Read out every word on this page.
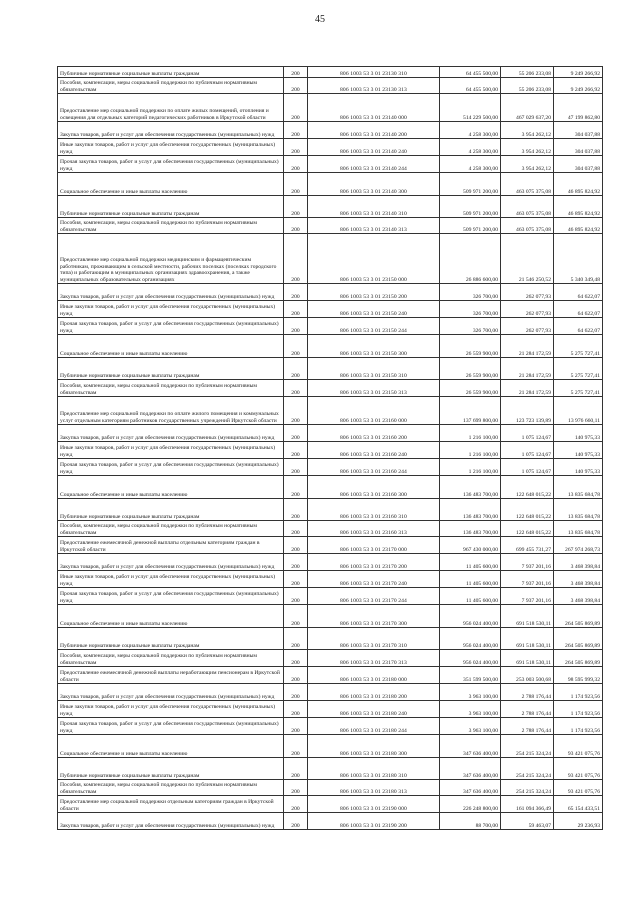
45
Публичные нормативные социальные выплаты гражданам	200	806 1003 53 3 01 23130 310	64 455 500,00	55 206 233,08	9 249 266,92
Пособия, компенсации, меры социальной поддержки по публичным нормативным обязательствам	200	806 1003 53 3 01 23130 313	64 455 500,00	55 206 233,08	9 249 266,92
Предоставление мер социальной поддержки по оплате жилых помещений, отопления и освещения для отдельных категорий педагогических работников в Иркутской области	200	806 1003 53 3 01 23140 000	514 229 500,00	467 029 637,20	47 199 862,80
Закупка товаров, работ и услуг для обеспечения государственных (муниципальных) нужд	200	806 1003 53 3 01 23140 200	4 258 300,00	3 954 262,12	304 037,88
Иные закупки товаров, работ и услуг для обеспечения государственных (муниципальных) нужд	200	806 1003 53 3 01 23140 240	4 258 300,00	3 954 262,12	304 037,88
Прочая закупка товаров, работ и услуг для обеспечения государственных (муниципальных) нужд	200	806 1003 53 3 01 23140 244	4 258 300,00	3 954 262,12	304 037,88
Социальное обеспечение и иные выплаты населению	200	806 1003 53 3 01 23140 300	509 971 200,00	463 075 375,08	46 895 824,92
Публичные нормативные социальные выплаты гражданам	200	806 1003 53 3 01 23140 310	509 971 200,00	463 075 375,08	46 895 824,92
Пособия, компенсации, меры социальной поддержки по публичным нормативным обязательствам	200	806 1003 53 3 01 23140 313	509 971 200,00	463 075 375,08	46 895 824,92
Предоставление мер социальной поддержки медицинским и фармацевтическим работникам, проживающим в сельской местности, рабочих поселках (поселках городского типа) и работающим в муниципальных организациях здравоохранения, а также муниципальных образовательных организациях	200	806 1003 53 3 01 23150 000	26 886 600,00	21 546 250,52	5 340 349,48
Закупка товаров, работ и услуг для обеспечения государственных (муниципальных) нужд	200	806 1003 53 3 01 23150 200	326 700,00	262 077,93	64 622,07
Иные закупки товаров, работ и услуг для обеспечения государственных (муниципальных) нужд	200	806 1003 53 3 01 23150 240	326 700,00	262 077,93	64 622,07
Прочая закупка товаров, работ и услуг для обеспечения государственных (муниципальных) нужд	200	806 1003 53 3 01 23150 244	326 700,00	262 077,93	64 622,07
Социальное обеспечение и иные выплаты населению	200	806 1003 53 3 01 23150 300	26 559 900,00	21 284 172,59	5 275 727,41
Публичные нормативные социальные выплаты гражданам	200	806 1003 53 3 01 23150 310	26 559 900,00	21 284 172,59	5 275 727,41
Пособия, компенсации, меры социальной поддержки по публичным нормативным обязательствам	200	806 1003 53 3 01 23150 313	26 559 900,00	21 284 172,59	5 275 727,41
Предоставление мер социальной поддержки по оплате жилого помещения и коммунальных услуг отдельным категориям работников государственных учреждений Иркутской области	200	806 1003 53 3 01 23160 000	137 699 800,00	123 723 139,89	13 976 660,11
Закупка товаров, работ и услуг для обеспечения государственных (муниципальных) нужд	200	806 1003 53 3 01 23160 200	1 216 100,00	1 075 124,67	140 975,33
Иные закупки товаров, работ и услуг для обеспечения государственных (муниципальных) нужд	200	806 1003 53 3 01 23160 240	1 216 100,00	1 075 124,67	140 975,33
Прочая закупка товаров, работ и услуг для обеспечения государственных (муниципальных) нужд	200	806 1003 53 3 01 23160 244	1 216 100,00	1 075 124,67	140 975,33
Социальное обеспечение и иные выплаты населению	200	806 1003 53 3 01 23160 300	136 483 700,00	122 648 015,22	13 835 684,78
Публичные нормативные социальные выплаты гражданам	200	806 1003 53 3 01 23160 310	136 483 700,00	122 648 015,22	13 835 684,78
Пособия, компенсации, меры социальной поддержки по публичным нормативным обязательствам	200	806 1003 53 3 01 23160 313	136 483 700,00	122 648 015,22	13 835 684,78
Предоставление ежемесячной денежной выплаты отдельным категориям граждан в Иркутской области	200	806 1003 53 3 01 23170 000	967 430 000,00	699 455 731,27	267 974 268,73
Закупка товаров, работ и услуг для обеспечения государственных (муниципальных) нужд	200	806 1003 53 3 01 23170 200	11 405 600,00	7 937 201,16	3 468 398,84
Иные закупки товаров, работ и услуг для обеспечения государственных (муниципальных) нужд	200	806 1003 53 3 01 23170 240	11 405 600,00	7 937 201,16	3 468 398,84
Прочая закупка товаров, работ и услуг для обеспечения государственных (муниципальных) нужд	200	806 1003 53 3 01 23170 244	11 405 600,00	7 937 201,16	3 468 398,84
Социальное обеспечение и иные выплаты населению	200	806 1003 53 3 01 23170 300	956 024 400,00	691 518 530,11	264 505 869,89
Публичные нормативные социальные выплаты гражданам	200	806 1003 53 3 01 23170 310	956 024 400,00	691 518 530,11	264 505 869,89
Пособия, компенсации, меры социальной поддержки по публичным нормативным обязательствам	200	806 1003 53 3 01 23170 313	956 024 400,00	691 518 530,11	264 505 869,89
Предоставление ежемесячной денежной выплаты неработающим пенсионерам в Иркутской области	200	806 1003 53 3 01 23180 000	351 599 500,00	253 003 500,68	98 595 999,32
Закупка товаров, работ и услуг для обеспечения государственных (муниципальных) нужд	200	806 1003 53 3 01 23180 200	3 963 100,00	2 788 176,44	1 174 923,56
Иные закупки товаров, работ и услуг для обеспечения государственных (муниципальных) нужд	200	806 1003 53 3 01 23180 240	3 963 100,00	2 788 176,44	1 174 923,56
Прочая закупка товаров, работ и услуг для обеспечения государственных (муниципальных) нужд	200	806 1003 53 3 01 23180 244	3 963 100,00	2 788 176,44	1 174 923,56
Социальное обеспечение и иные выплаты населению	200	806 1003 53 3 01 23180 300	347 636 400,00	254 215 324,24	93 421 075,76
Публичные нормативные социальные выплаты гражданам	200	806 1003 53 3 01 23180 310	347 636 400,00	254 215 324,24	93 421 075,76
Пособия, компенсации, меры социальной поддержки по публичным нормативным обязательствам	200	806 1003 53 3 01 23180 313	347 636 400,00	254 215 324,24	93 421 075,76
Предоставление мер социальной поддержки отдельным категориям граждан в Иркутской области	200	806 1003 53 3 01 23190 000	226 248 800,00	161 094 366,49	65 154 433,51
Закупка товаров, работ и услуг для обеспечения государственных (муниципальных) нужд	200	806 1003 53 3 01 23190 200	88 700,00	59 463,07	29 236,93
